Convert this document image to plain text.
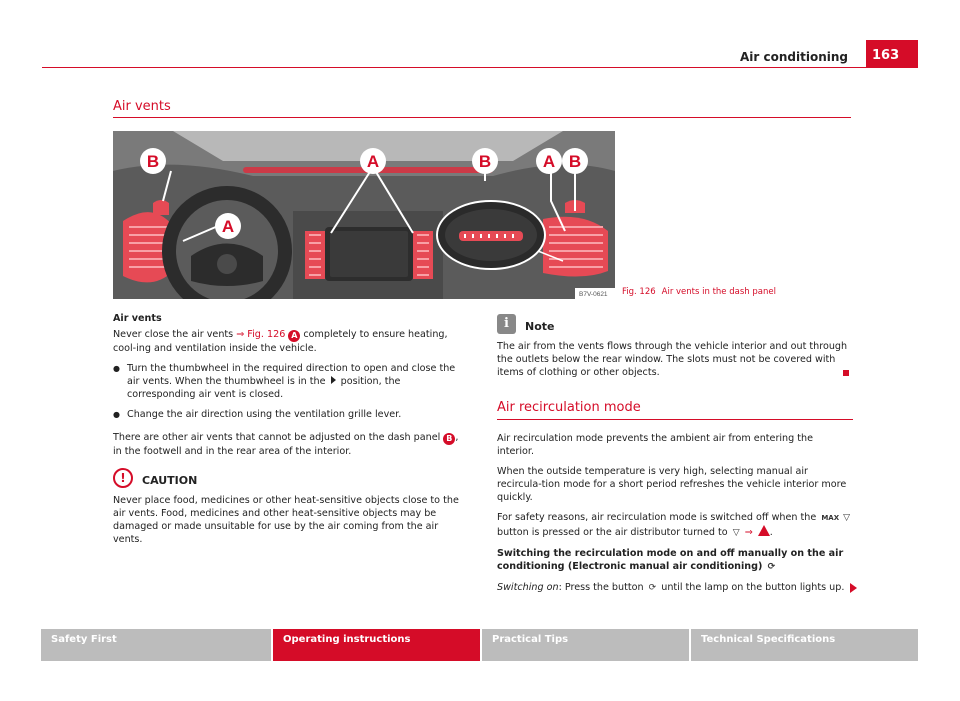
Air conditioning	163
Air vents
B	A	B	A B
A
B7V-0621 Fig. 126 Air vents in the dash panel
Air vents
Never close the air vents ⇒ Fig. 126 A completely to ensure heating, cool-ing and ventilation inside the vehicle.
● Turn the thumbwheel in the required direction to open and close the air vents. When the thumbwheel is in the  position, the corresponding air vent is closed.
● Change the air direction using the ventilation grille lever.
There are other air vents that cannot be adjusted on the dash panel B , in the footwell and in the rear area of the interior.
!	CAUTION
Never place food, medicines or other heat-sensitive objects close to the air vents. Food, medicines and other heat-sensitive objects may be damaged or made unsuitable for use by the air coming from the air vents.
i	Note
The air from the vents flows through the vehicle interior and out through the outlets below the rear window. The slots must not be covered with items of clothing or other objects.
Air recirculation mode
Air recirculation mode prevents the ambient air from entering the interior.
When the outside temperature is very high, selecting manual air recircula-tion mode for a short period refreshes the vehicle interior more quickly.
For safety reasons, air recirculation mode is switched off when the MAX ▽ button is pressed or the air distributor turned to ▽ ⇒ .
Switching the recirculation mode on and off manually on the air conditioning (Electronic manual air conditioning) ⟳
Switching on: Press the button ⟳ until the lamp on the button lights up.
Safety First	Operating instructions	Practical Tips	Technical Specifications
